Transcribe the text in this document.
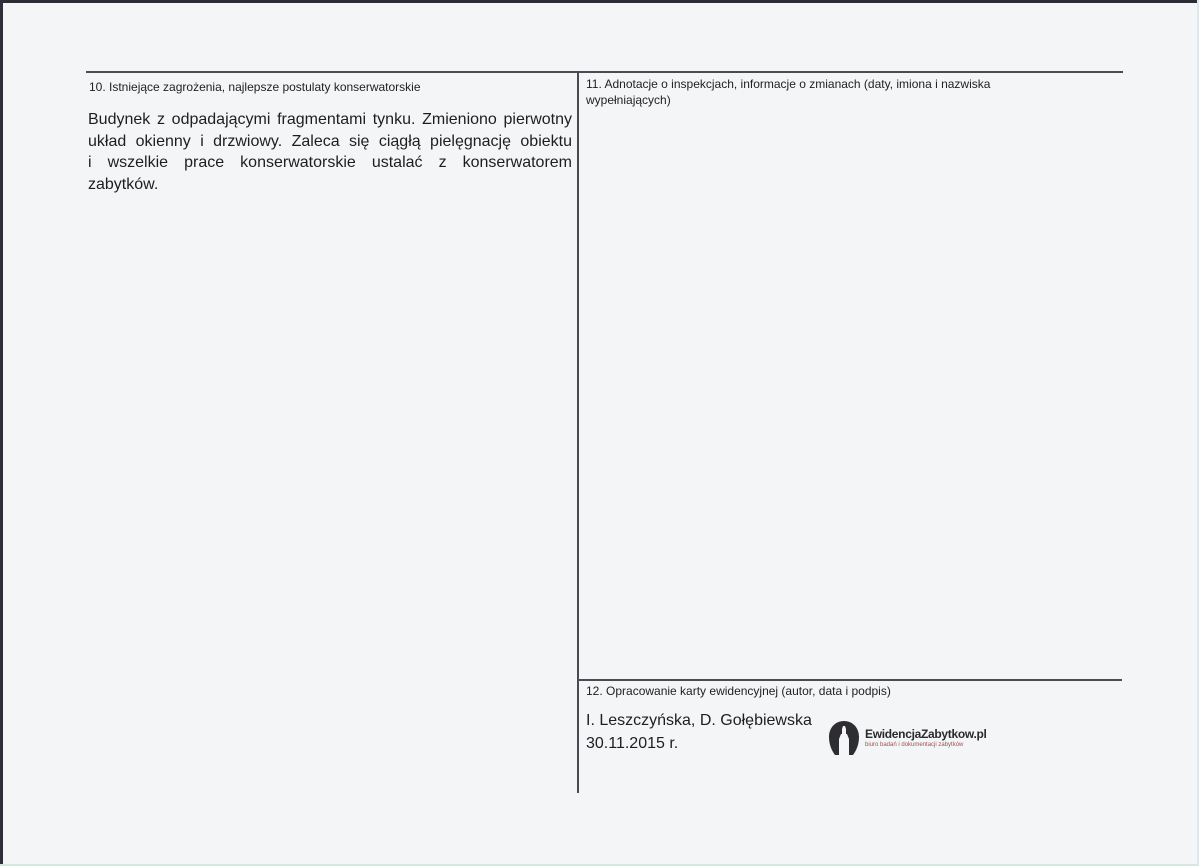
10. Istniejące zagrożenia, najlepsze postulaty konserwatorskie
Budynek z odpadającymi fragmentami tynku. Zmieniono pierwotny
układ okienny i drzwiowy. Zaleca się ciągłą pielęgnację obiektu
i wszelkie prace konserwatorskie ustalać z konserwatorem zabytków.
11. Adnotacje o inspekcjach, informacje o zmianach (daty, imiona i nazwiska
wypełniających)
12. Opracowanie karty ewidencyjnej (autor, data i podpis)
I. Leszczyńska, D. Gołębiewska
30.11.2015 r.
EwidencjaZabytkow.pl
biuro badań i dokumentacji zabytków
